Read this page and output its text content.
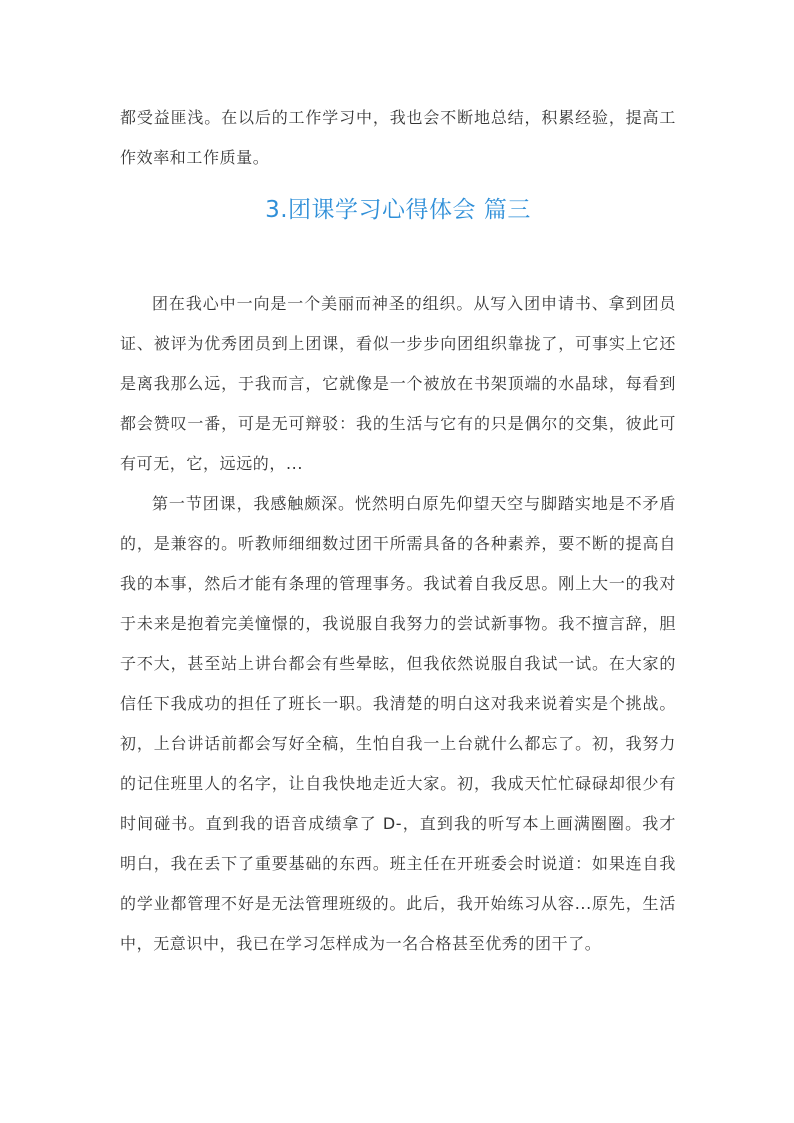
都受益匪浅。在以后的工作学习中，我也会不断地总结，积累经验，提高工作效率和工作质量。

3.团课学习心得体会 篇三

团在我心中一向是一个美丽而神圣的组织。从写入团申请书、拿到团员证、被评为优秀团员到上团课，看似一步步向团组织靠拢了，可事实上它还是离我那么远，于我而言，它就像是一个被放在书架顶端的水晶球，每看到都会赞叹一番，可是无可辩驳：我的生活与它有的只是偶尔的交集，彼此可有可无，它，远远的，...

第一节团课，我感触颇深。恍然明白原先仰望天空与脚踏实地是不矛盾的，是兼容的。听教师细细数过团干所需具备的各种素养，要不断的提高自我的本事，然后才能有条理的管理事务。我试着自我反思。刚上大一的我对于未来是抱着完美憧憬的，我说服自我努力的尝试新事物。我不擅言辞，胆子不大，甚至站上讲台都会有些晕眩，但我依然说服自我试一试。在大家的信任下我成功的担任了班长一职。我清楚的明白这对我来说着实是个挑战。初，上台讲话前都会写好全稿，生怕自我一上台就什么都忘了。初，我努力的记住班里人的名字，让自我快地走近大家。初，我成天忙忙碌碌却很少有时间碰书。直到我的语音成绩拿了 D-，直到我的听写本上画满圈圈。我才明白，我在丢下了重要基础的东西。班主任在开班委会时说道：如果连自我的学业都管理不好是无法管理班级的。此后，我开始练习从容...原先，生活中，无意识中，我已在学习怎样成为一名合格甚至优秀的团干了。
